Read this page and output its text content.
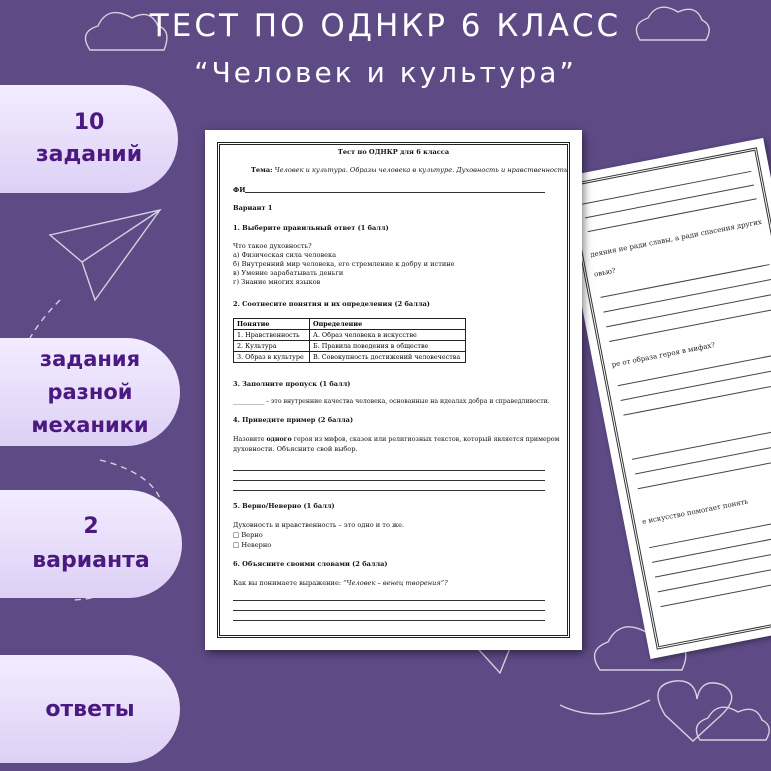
ТЕСТ ПО ОДНКР 6 КЛАСС
“Человек и культура”
10
заданий
задания
разной
механики
2
варианта
ответы
деяния не ради славы, а ради спасения других
овью?
ре от образа героя в мифах?
е искусство помогает понять
Тест по ОДНКР для 6 класса
Тема: Человек и культура. Образы человека в культуре. Духовность и нравственность
ФИ
Вариант 1
1. Выберите правильный ответ (1 балл)
Что такое духовность?
а) Физическая сила человека
б) Внутренний мир человека, его стремление к добру и истине
в) Умение зарабатывать деньги
г) Знание многих языков
2. Соотнесите понятия и их определения (2 балла)
Понятие	Определение
1. Нравственность	А. Образ человека в искусстве
2. Культура	Б. Правила поведения в обществе
3. Образ в культуре	В. Совокупность достижений человечества
3. Заполните пропуск (1 балл)
__________ – это внутренние качества человека, основанные на идеалах добра и справедливости.
4. Приведите пример (2 балла)
Назовите одного героя из мифов, сказок или религиозных текстов, который является примером
духовности. Объясните свой выбор.
5. Верно/Неверно (1 балл)
Духовность и нравственность – это одно и то же.
□ Верно
□ Неверно
6. Объясните своими словами (2 балла)
Как вы понимаете выражение: “Человек – венец творения”?
